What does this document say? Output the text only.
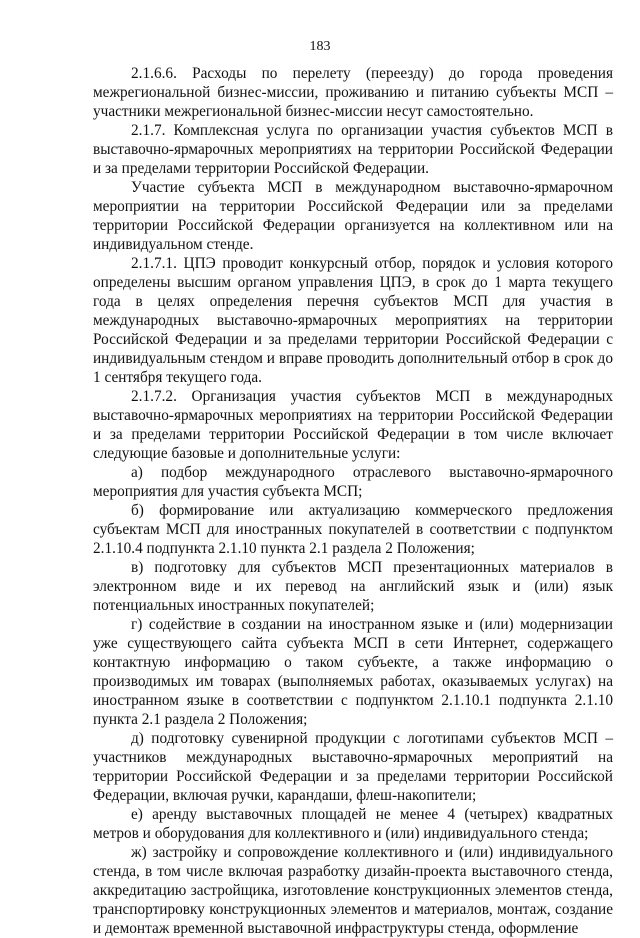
183

2.1.6.6. Расходы по перелету (переезду) до города проведения межрегиональной бизнес-миссии, проживанию и питанию субъекты МСП – участники межрегиональной бизнес-миссии несут самостоятельно.

2.1.7. Комплексная услуга по организации участия субъектов МСП в выставочно-ярмарочных мероприятиях на территории Российской Федерации и за пределами территории Российской Федерации.

Участие субъекта МСП в международном выставочно-ярмарочном мероприятии на территории Российской Федерации или за пределами территории Российской Федерации организуется на коллективном или на индивидуальном стенде.

2.1.7.1. ЦПЭ проводит конкурсный отбор, порядок и условия которого определены высшим органом управления ЦПЭ, в срок до 1 марта текущего года в целях определения перечня субъектов МСП для участия в международных выставочно-ярмарочных мероприятиях на территории Российской Федерации и за пределами территории Российской Федерации с индивидуальным стендом и вправе проводить дополнительный отбор в срок до 1 сентября текущего года.

2.1.7.2. Организация участия субъектов МСП в международных выставочно-ярмарочных мероприятиях на территории Российской Федерации и за пределами территории Российской Федерации в том числе включает следующие базовые и дополнительные услуги:

а) подбор международного отраслевого выставочно-ярмарочного мероприятия для участия субъекта МСП;

б) формирование или актуализацию коммерческого предложения субъектам МСП для иностранных покупателей в соответствии с подпунктом 2.1.10.4 подпункта 2.1.10 пункта 2.1 раздела 2 Положения;

в) подготовку для субъектов МСП презентационных материалов в электронном виде и их перевод на английский язык и (или) язык потенциальных иностранных покупателей;

г) содействие в создании на иностранном языке и (или) модернизации уже существующего сайта субъекта МСП в сети Интернет, содержащего контактную информацию о таком субъекте, а также информацию о производимых им товарах (выполняемых работах, оказываемых услугах) на иностранном языке в соответствии с подпунктом 2.1.10.1 подпункта 2.1.10 пункта 2.1 раздела 2 Положения;

д) подготовку сувенирной продукции с логотипами субъектов МСП – участников международных выставочно-ярмарочных мероприятий на территории Российской Федерации и за пределами территории Российской Федерации, включая ручки, карандаши, флеш-накопители;

е) аренду выставочных площадей не менее 4 (четырех) квадратных метров и оборудования для коллективного и (или) индивидуального стенда;

ж) застройку и сопровождение коллективного и (или) индивидуального стенда, в том числе включая разработку дизайн-проекта выставочного стенда, аккредитацию застройщика, изготовление конструкционных элементов стенда, транспортировку конструкционных элементов и материалов, монтаж, создание и демонтаж временной выставочной инфраструктуры стенда, оформление
